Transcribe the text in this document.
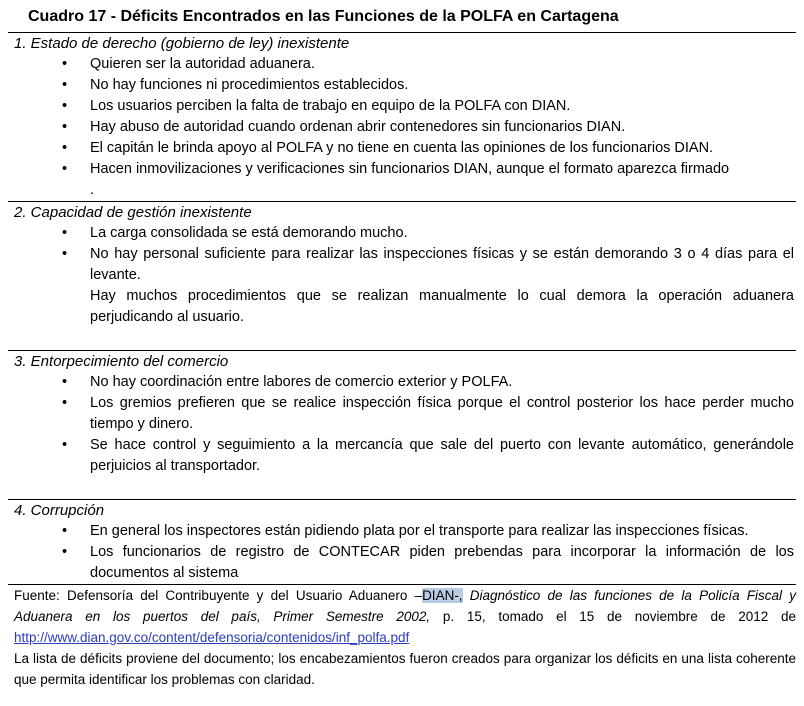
Cuadro 17 - Déficits Encontrados en las Funciones de la POLFA en Cartagena
1. Estado de derecho (gobierno de ley) inexistente
• Quieren ser la autoridad aduanera.

• No hay funciones ni procedimientos establecidos.

• Los usuarios perciben la falta de trabajo en equipo de la POLFA con DIAN.

• Hay abuso de autoridad cuando ordenan abrir contenedores sin funcionarios DIAN.

• El capitán le brinda apoyo al POLFA y no tiene en cuenta las opiniones de los funcionarios DIAN.

• Hacen inmovilizaciones y verificaciones sin funcionarios DIAN, aunque el formato aparezca firmado

.

2. Capacidad de gestión inexistente
• La carga consolidada se está demorando mucho.

• No hay personal suficiente para realizar las inspecciones físicas y se están demorando 3 o 4 días para el levante.

Hay muchos procedimientos que se realizan manualmente lo cual demora la operación aduanera perjudicando al usuario.

3. Entorpecimiento del comercio
• No hay coordinación entre labores de comercio exterior y POLFA.

• Los gremios prefieren que se realice inspección física porque el control posterior los hace perder mucho tiempo y dinero.

• Se hace control y seguimiento a la mercancía que sale del puerto con levante automático, generándole perjuicios al transportador.

4. Corrupción
• En general los inspectores están pidiendo plata por el transporte para realizar las inspecciones físicas.

• Los funcionarios de registro de CONTECAR piden prebendas para incorporar la información de los documentos al sistema

Fuente: Defensoría del Contribuyente y del Usuario Aduanero –DIAN-, Diagnóstico de las funciones de la Policía Fiscal y Aduanera en los puertos del país, Primer Semestre 2002, p. 15, tomado el 15 de noviembre de 2012 de http://www.dian.gov.co/content/defensoria/contenidos/inf_polfa.pdf

La lista de déficits proviene del documento; los encabezamientos fueron creados para organizar los déficits en una lista coherente que permita identificar los problemas con claridad.
